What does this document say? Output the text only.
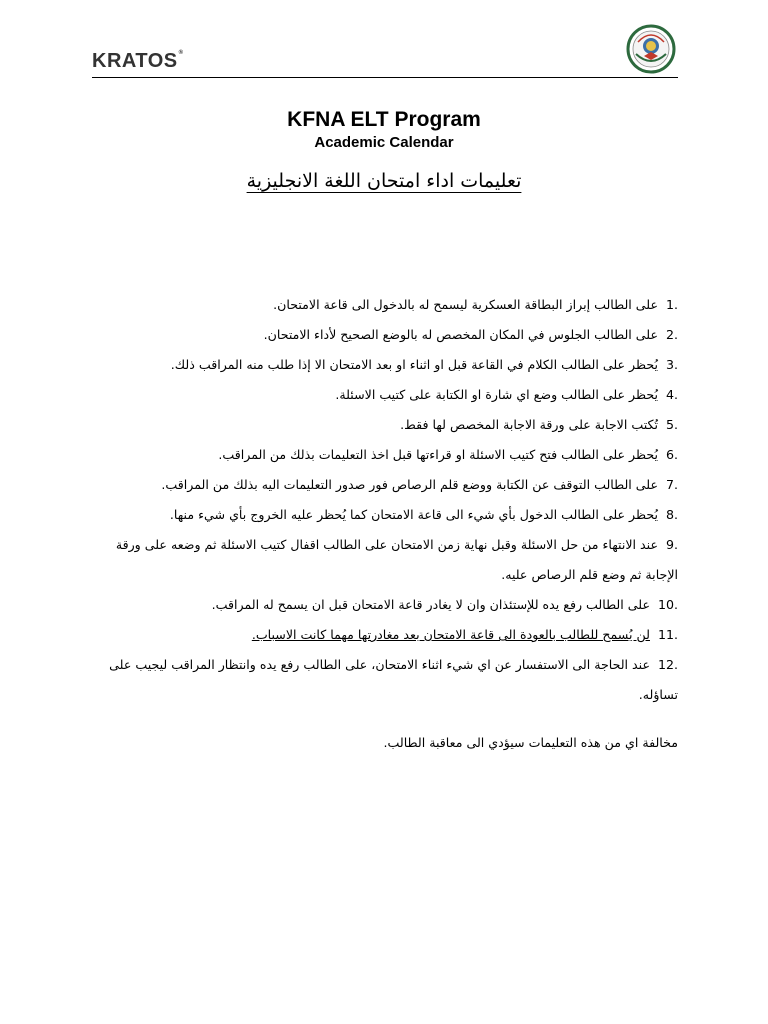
KRATOS®
KFNA ELT Program
Academic Calendar
تعليمات اداء امتحان اللغة الانجليزية

1.على الطالب إبراز البطاقة العسكرية ليسمح له بالدخول الى قاعة الامتحان.

2.على الطالب الجلوس في المكان المخصص له بالوضع الصحيح لأداء الامتحان.

3.يُحظر على الطالب الكلام في القاعة قبل او اثناء او بعد الامتحان الا إذا طلب منه المراقب ذلك.

4.يُحظر على الطالب وضع اي شارة او الكتابة على كتيب الاسئلة.

5.تُكتب الاجابة على ورقة الاجابة المخصص لها فقط.

6.يُحظر على الطالب فتح كتيب الاسئلة او قراءتها قبل اخذ التعليمات بذلك من المراقب.

7.على الطالب التوقف عن الكتابة ووضع قلم الرصاص فور صدور التعليمات اليه بذلك من المراقب.

8.يُحظر على الطالب الدخول بأي شيء الى قاعة الامتحان كما يُحظر عليه الخروج بأي شيء منها.

9.عند الانتهاء من حل الاسئلة وقبل نهاية زمن الامتحان على الطالب اقفال كتيب الاسئلة ثم وضعه على ورقة الإجابة ثم وضع قلم الرصاص عليه.

10.على الطالب رفع يده للإستئذان وان لا يغادر قاعة الامتحان قبل ان يسمح له المراقب.

11.لن يُسمح للطالب بالعودة الى قاعة الامتحان بعد مغادرتها مهما كانت الاسباب.

12.عند الحاجة الى الاستفسار عن اي شيء اثناء الامتحان، على الطالب رفع يده وانتظار المراقب ليجيب على تساؤله.

مخالفة اي من هذه التعليمات سيؤدي الى معاقبة الطالب.
